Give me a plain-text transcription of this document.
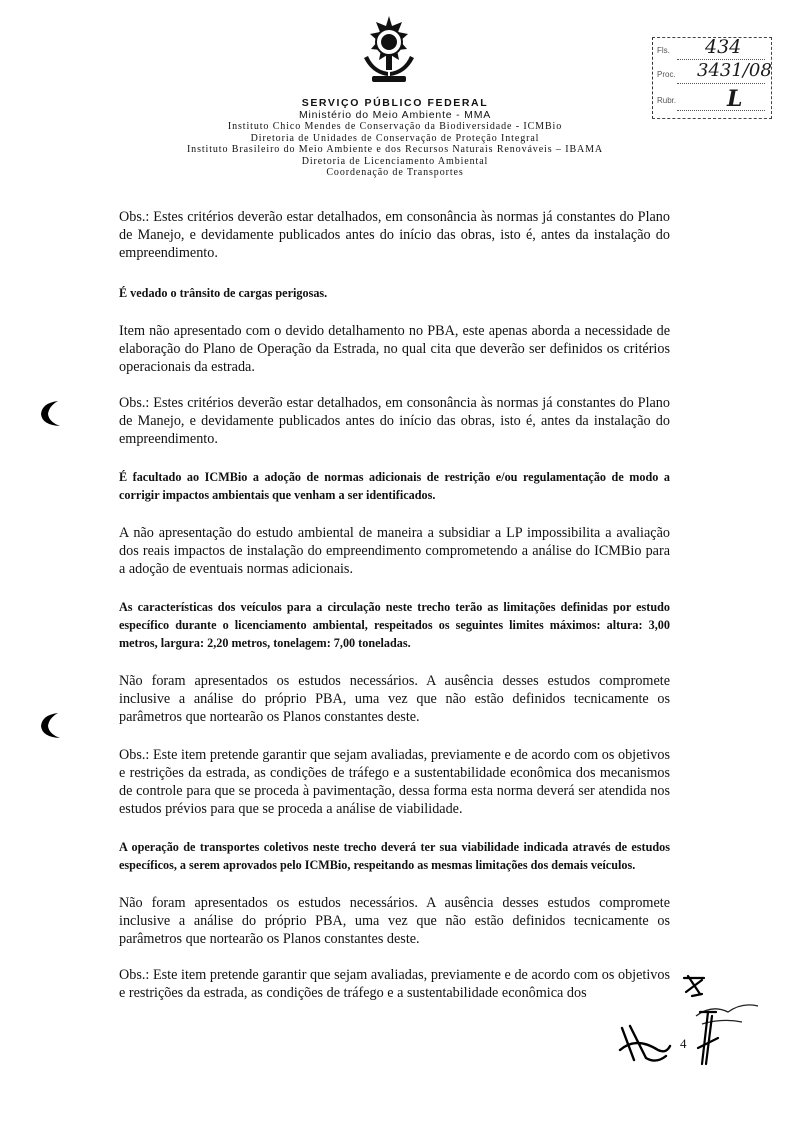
SERVIÇO PÚBLICO FEDERAL
Ministério do Meio Ambiente - MMA
Instituto Chico Mendes de Conservação da Biodiversidade - ICMBio
Diretoria de Unidades de Conservação de Proteção Integral
Instituto Brasileiro do Meio Ambiente e dos Recursos Naturais Renováveis – IBAMA
Diretoria de Licenciamento Ambiental
Coordenação de Transportes
Fls. 434
Proc. 3431/08
Rubr. L

Obs.: Estes critérios deverão estar detalhados, em consonância às normas já constantes do Plano de Manejo, e devidamente publicados antes do início das obras, isto é, antes da instalação do empreendimento.

É vedado o trânsito de cargas perigosas.

Item não apresentado com o devido detalhamento no PBA, este apenas aborda a necessidade de elaboração do Plano de Operação da Estrada, no qual cita que deverão ser definidos os critérios operacionais da estrada.

Obs.: Estes critérios deverão estar detalhados, em consonância às normas já constantes do Plano de Manejo, e devidamente publicados antes do início das obras, isto é, antes da instalação do empreendimento.

É facultado ao ICMBio a adoção de normas adicionais de restrição e/ou regulamentação de modo a corrigir impactos ambientais que venham a ser identificados.

A não apresentação do estudo ambiental de maneira a subsidiar a LP impossibilita a avaliação dos reais impactos de instalação do empreendimento comprometendo a análise do ICMBio para a adoção de eventuais normas adicionais.

As características dos veículos para a circulação neste trecho terão as limitações definidas por estudo específico durante o licenciamento ambiental, respeitados os seguintes limites máximos: altura: 3,00 metros, largura: 2,20 metros, tonelagem: 7,00 toneladas.

Não foram apresentados os estudos necessários. A ausência desses estudos compromete inclusive a análise do próprio PBA, uma vez que não estão definidos tecnicamente os parâmetros que nortearão os Planos constantes deste.

Obs.: Este item pretende garantir que sejam avaliadas, previamente e de acordo com os objetivos e restrições da estrada, as condições de tráfego e a sustentabilidade econômica dos mecanismos de controle para que se proceda à pavimentação, dessa forma esta norma deverá ser atendida nos estudos prévios para que se proceda a análise de viabilidade.

A operação de transportes coletivos neste trecho deverá ter sua viabilidade indicada através de estudos específicos, a serem aprovados pelo ICMBio, respeitando as mesmas limitações dos demais veículos.

Não foram apresentados os estudos necessários. A ausência desses estudos compromete inclusive a análise do próprio PBA, uma vez que não estão definidos tecnicamente os parâmetros que nortearão os Planos constantes deste.

Obs.: Este item pretende garantir que sejam avaliadas, previamente e de acordo com os objetivos e restrições da estrada, as condições de tráfego e a sustentabilidade econômica dos

4
